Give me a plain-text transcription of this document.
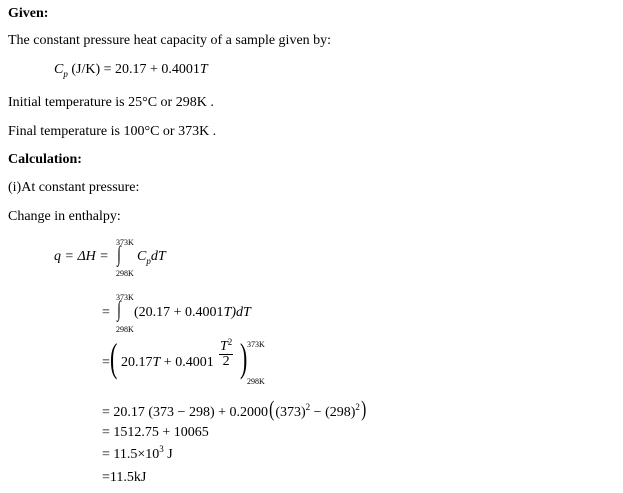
Given:
The constant pressure heat capacity of a sample given by:
$C_p$ (J/K) = 20.17 + 0.4001T
Initial temperature is 25°C or 298K .
Final temperature is 100°C or 373K .
Calculation:
(i)At constant pressure:
Change in enthalpy:
373K
q = ΔH = ∫ $C_pdT$
298K
373K
= ∫ (20.17 + 0.4001T)dT
298K
= ( $20.17T + 0.4001 \frac{T^2}{2}$ ) 373K
298K
= 20.17 $(373 - 298) + 0.2000((373)^2 - (298)^2)$
= 1512.75 + 10065
= $11.5\times 10^3$ J
=11.5kJ
